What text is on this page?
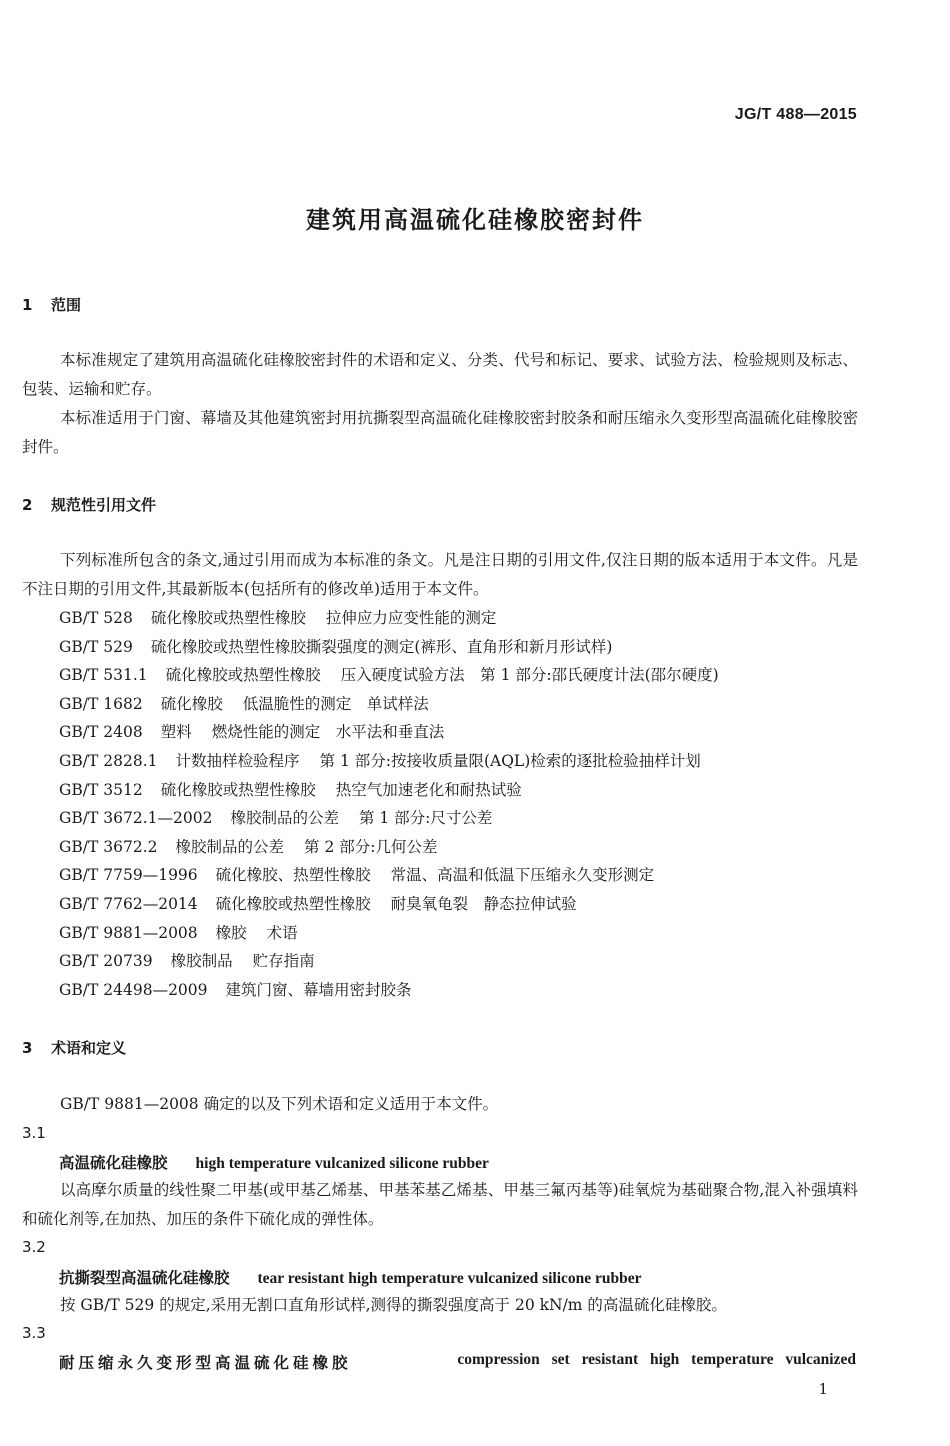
JG/T 488—2015
建筑用高温硫化硅橡胶密封件
1 范围

本标准规定了建筑用高温硫化硅橡胶密封件的术语和定义、分类、代号和标记、要求、试验方法、检验规则及标志、包装、运输和贮存。

本标准适用于门窗、幕墙及其他建筑密封用抗撕裂型高温硫化硅橡胶密封胶条和耐压缩永久变形型高温硫化硅橡胶密封件。

2 规范性引用文件

下列标准所包含的条文,通过引用而成为本标准的条文。凡是注日期的引用文件,仅注日期的版本适用于本文件。凡是不注日期的引用文件,其最新版本(包括所有的修改单)适用于本文件。

GB/T 528 硫化橡胶或热塑性橡胶 拉伸应力应变性能的测定
GB/T 529 硫化橡胶或热塑性橡胶撕裂强度的测定(裤形、直角形和新月形试样)
GB/T 531.1 硫化橡胶或热塑性橡胶 压入硬度试验方法　第 1 部分:邵氏硬度计法(邵尔硬度)
GB/T 1682 硫化橡胶 低温脆性的测定　单试样法
GB/T 2408 塑料 燃烧性能的测定　水平法和垂直法
GB/T 2828.1 计数抽样检验程序 第 1 部分:按接收质量限(AQL)检索的逐批检验抽样计划
GB/T 3512 硫化橡胶或热塑性橡胶 热空气加速老化和耐热试验
GB/T 3672.1—2002 橡胶制品的公差 第 1 部分:尺寸公差
GB/T 3672.2 橡胶制品的公差 第 2 部分:几何公差
GB/T 7759—1996 硫化橡胶、热塑性橡胶 常温、高温和低温下压缩永久变形测定
GB/T 7762—2014 硫化橡胶或热塑性橡胶 耐臭氧龟裂　静态拉伸试验
GB/T 9881—2008 橡胶 术语
GB/T 20739 橡胶制品 贮存指南
GB/T 24498—2009 建筑门窗、幕墙用密封胶条
3 术语和定义

GB/T 9881—2008 确定的以及下列术语和定义适用于本文件。

3.1
高温硫化硅橡胶 high temperature vulcanized silicone rubber

以高摩尔质量的线性聚二甲基(或甲基乙烯基、甲基苯基乙烯基、甲基三氟丙基等)硅氧烷为基础聚合物,混入补强填料和硫化剂等,在加热、加压的条件下硫化成的弹性体。

3.2
抗撕裂型高温硫化硅橡胶 tear resistant high temperature vulcanized silicone rubber

按 GB/T 529 的规定,采用无割口直角形试样,测得的撕裂强度高于 20 kN/m 的高温硫化硅橡胶。

3.3
耐压缩永久变形型高温硫化硅橡胶	compression set resistant high temperature vulcanized
1
